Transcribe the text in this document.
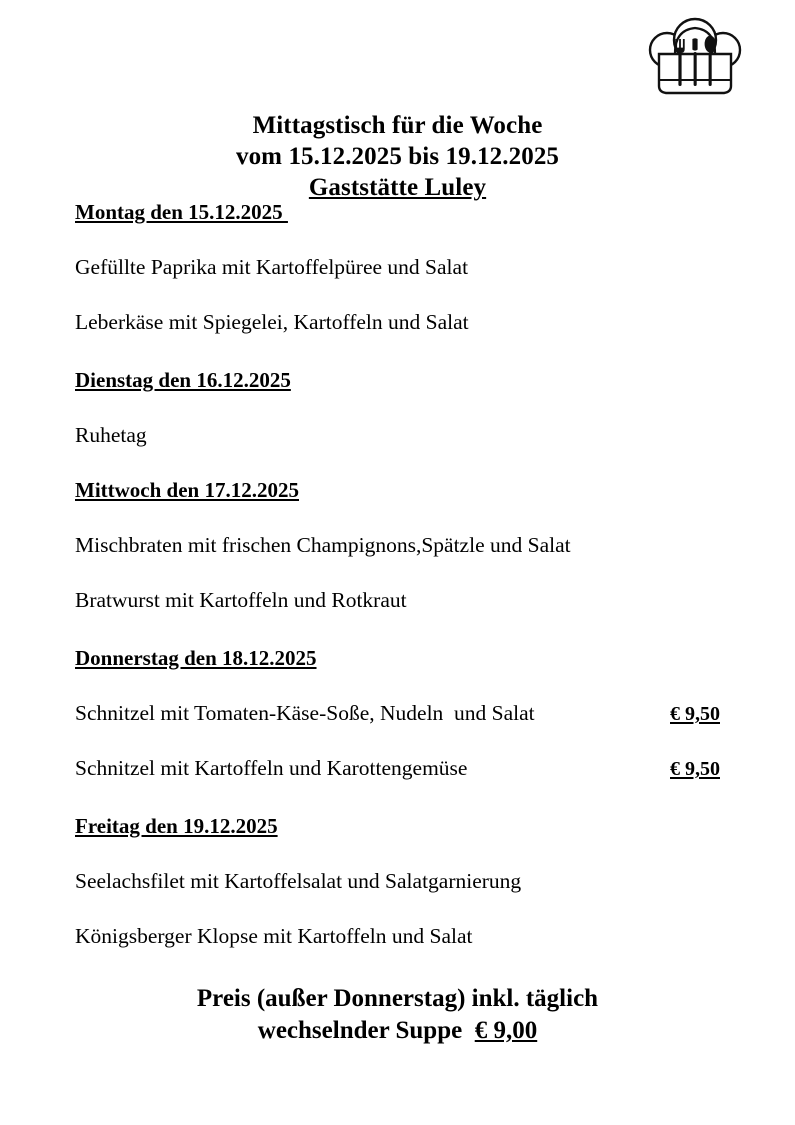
Mittagstisch für die Woche
vom 15.12.2025 bis 19.12.2025
Gaststätte Luley
Montag den 15.12.2025
Gefüllte Paprika mit Kartoffelpüree und Salat
Leberkäse mit Spiegelei, Kartoffeln und Salat
Dienstag den 16.12.2025
Ruhetag
Mittwoch den 17.12.2025
Mischbraten mit frischen Champignons,Spätzle und Salat
Bratwurst mit Kartoffeln und Rotkraut
Donnerstag den 18.12.2025
Schnitzel mit Tomaten-Käse-Soße, Nudeln  und Salat	€ 9,50
Schnitzel mit Kartoffeln und Karottengemüse	€ 9,50
Freitag den 19.12.2025
Seelachsfilet mit Kartoffelsalat und Salatgarnierung
Königsberger Klopse mit Kartoffeln und Salat
Preis (außer Donnerstag) inkl. täglich
wechselnder Suppe  € 9,00
